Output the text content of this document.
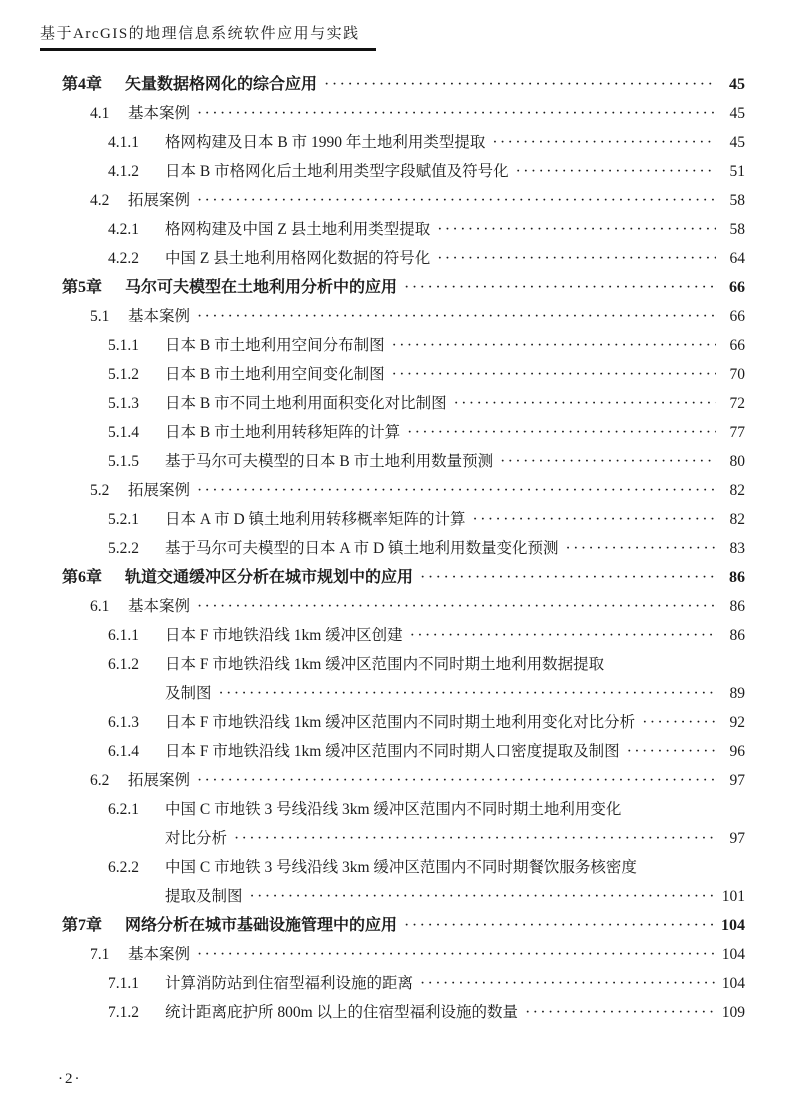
基于ArcGIS的地理信息系统软件应用与实践
第4章	矢量数据格网化的综合应用 ·····	45
4.1	基本案例 ·····	45
4.1.1	格网构建及日本 B 市 1990 年土地利用类型提取 ·····	45
4.1.2	日本 B 市格网化后土地利用类型字段赋值及符号化 ·····	51
4.2	拓展案例 ·····	58
4.2.1	格网构建及中国 Z 县土地利用类型提取 ·····	58
4.2.2	中国 Z 县土地利用格网化数据的符号化 ·····	64
第5章	马尔可夫模型在土地利用分析中的应用 ·····	66
5.1	基本案例 ·····	66
5.1.1	日本 B 市土地利用空间分布制图 ·····	66
5.1.2	日本 B 市土地利用空间变化制图 ·····	70
5.1.3	日本 B 市不同土地利用面积变化对比制图 ·····	72
5.1.4	日本 B 市土地利用转移矩阵的计算 ·····	77
5.1.5	基于马尔可夫模型的日本 B 市土地利用数量预测 ·····	80
5.2	拓展案例 ·····	82
5.2.1	日本 A 市 D 镇土地利用转移概率矩阵的计算 ·····	82
5.2.2	基于马尔可夫模型的日本 A 市 D 镇土地利用数量变化预测 ·····	83
第6章	轨道交通缓冲区分析在城市规划中的应用 ·····	86
6.1	基本案例 ·····	86
6.1.1	日本 F 市地铁沿线 1km 缓冲区创建 ·····	86
6.1.2	日本 F 市地铁沿线 1km 缓冲区范围内不同时期土地利用数据提取
及制图 ·····	89
6.1.3	日本 F 市地铁沿线 1km 缓冲区范围内不同时期土地利用变化对比分析 ·····	92
6.1.4	日本 F 市地铁沿线 1km 缓冲区范围内不同时期人口密度提取及制图 ·····	96
6.2	拓展案例 ·····	97
6.2.1	中国 C 市地铁 3 号线沿线 3km 缓冲区范围内不同时期土地利用变化
对比分析 ·····	97
6.2.2	中国 C 市地铁 3 号线沿线 3km 缓冲区范围内不同时期餐饮服务核密度
提取及制图 ·····	101
第7章	网络分析在城市基础设施管理中的应用 ·····	104
7.1	基本案例 ·····	104
7.1.1	计算消防站到住宿型福利设施的距离 ·····	104
7.1.2	统计距离庇护所 800m 以上的住宿型福利设施的数量 ·····	109
·2·
